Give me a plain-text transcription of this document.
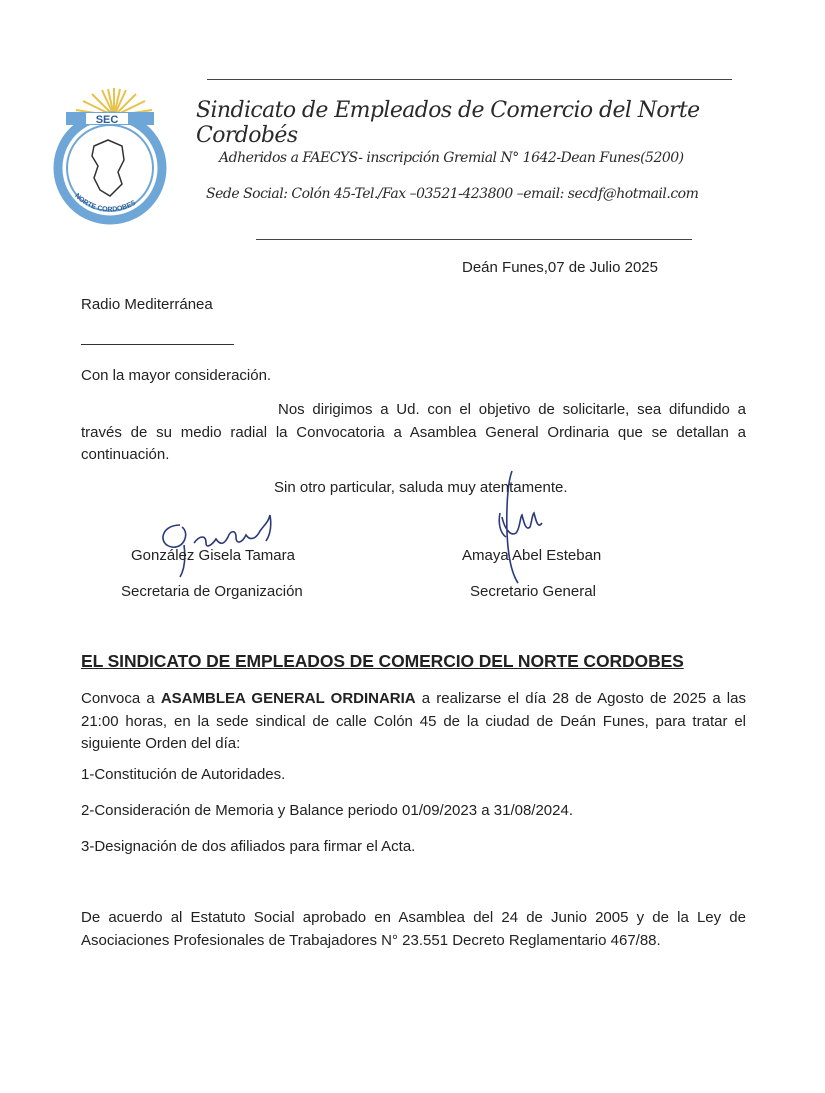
SEC
NORTE CORDOBES
Sindicato de Empleados de Comercio del Norte Cordobés
Adheridos a FAECYS- inscripción Gremial N° 1642-Dean Funes(5200)
Sede Social: Colón 45-Tel./Fax –03521-423800 –email: secdf@hotmail.com
Deán Funes,07 de Julio 2025
Radio Mediterránea
Con la mayor consideración.
Nos dirigimos a Ud. con el objetivo de solicitarle, sea difundido a través de su medio radial la Convocatoria a Asamblea General Ordinaria que se detallan a continuación.
Sin otro particular, saluda muy atentamente.
González Gisela Tamara
Secretaria de Organización
Amaya Abel Esteban
Secretario General
EL SINDICATO DE EMPLEADOS DE COMERCIO DEL NORTE CORDOBES
Convoca a ASAMBLEA GENERAL ORDINARIA a realizarse el día 28 de Agosto de 2025 a las 21:00 horas, en la sede sindical de calle Colón 45 de la ciudad de Deán Funes, para tratar el siguiente Orden del día:
1-Constitución de Autoridades.
2-Consideración de Memoria y Balance periodo 01/09/2023 a 31/08/2024.
3-Designación de dos afiliados para firmar el Acta.
De acuerdo al Estatuto Social aprobado en Asamblea del 24 de Junio 2005 y de la Ley de Asociaciones Profesionales de Trabajadores N° 23.551 Decreto Reglamentario 467/88.
